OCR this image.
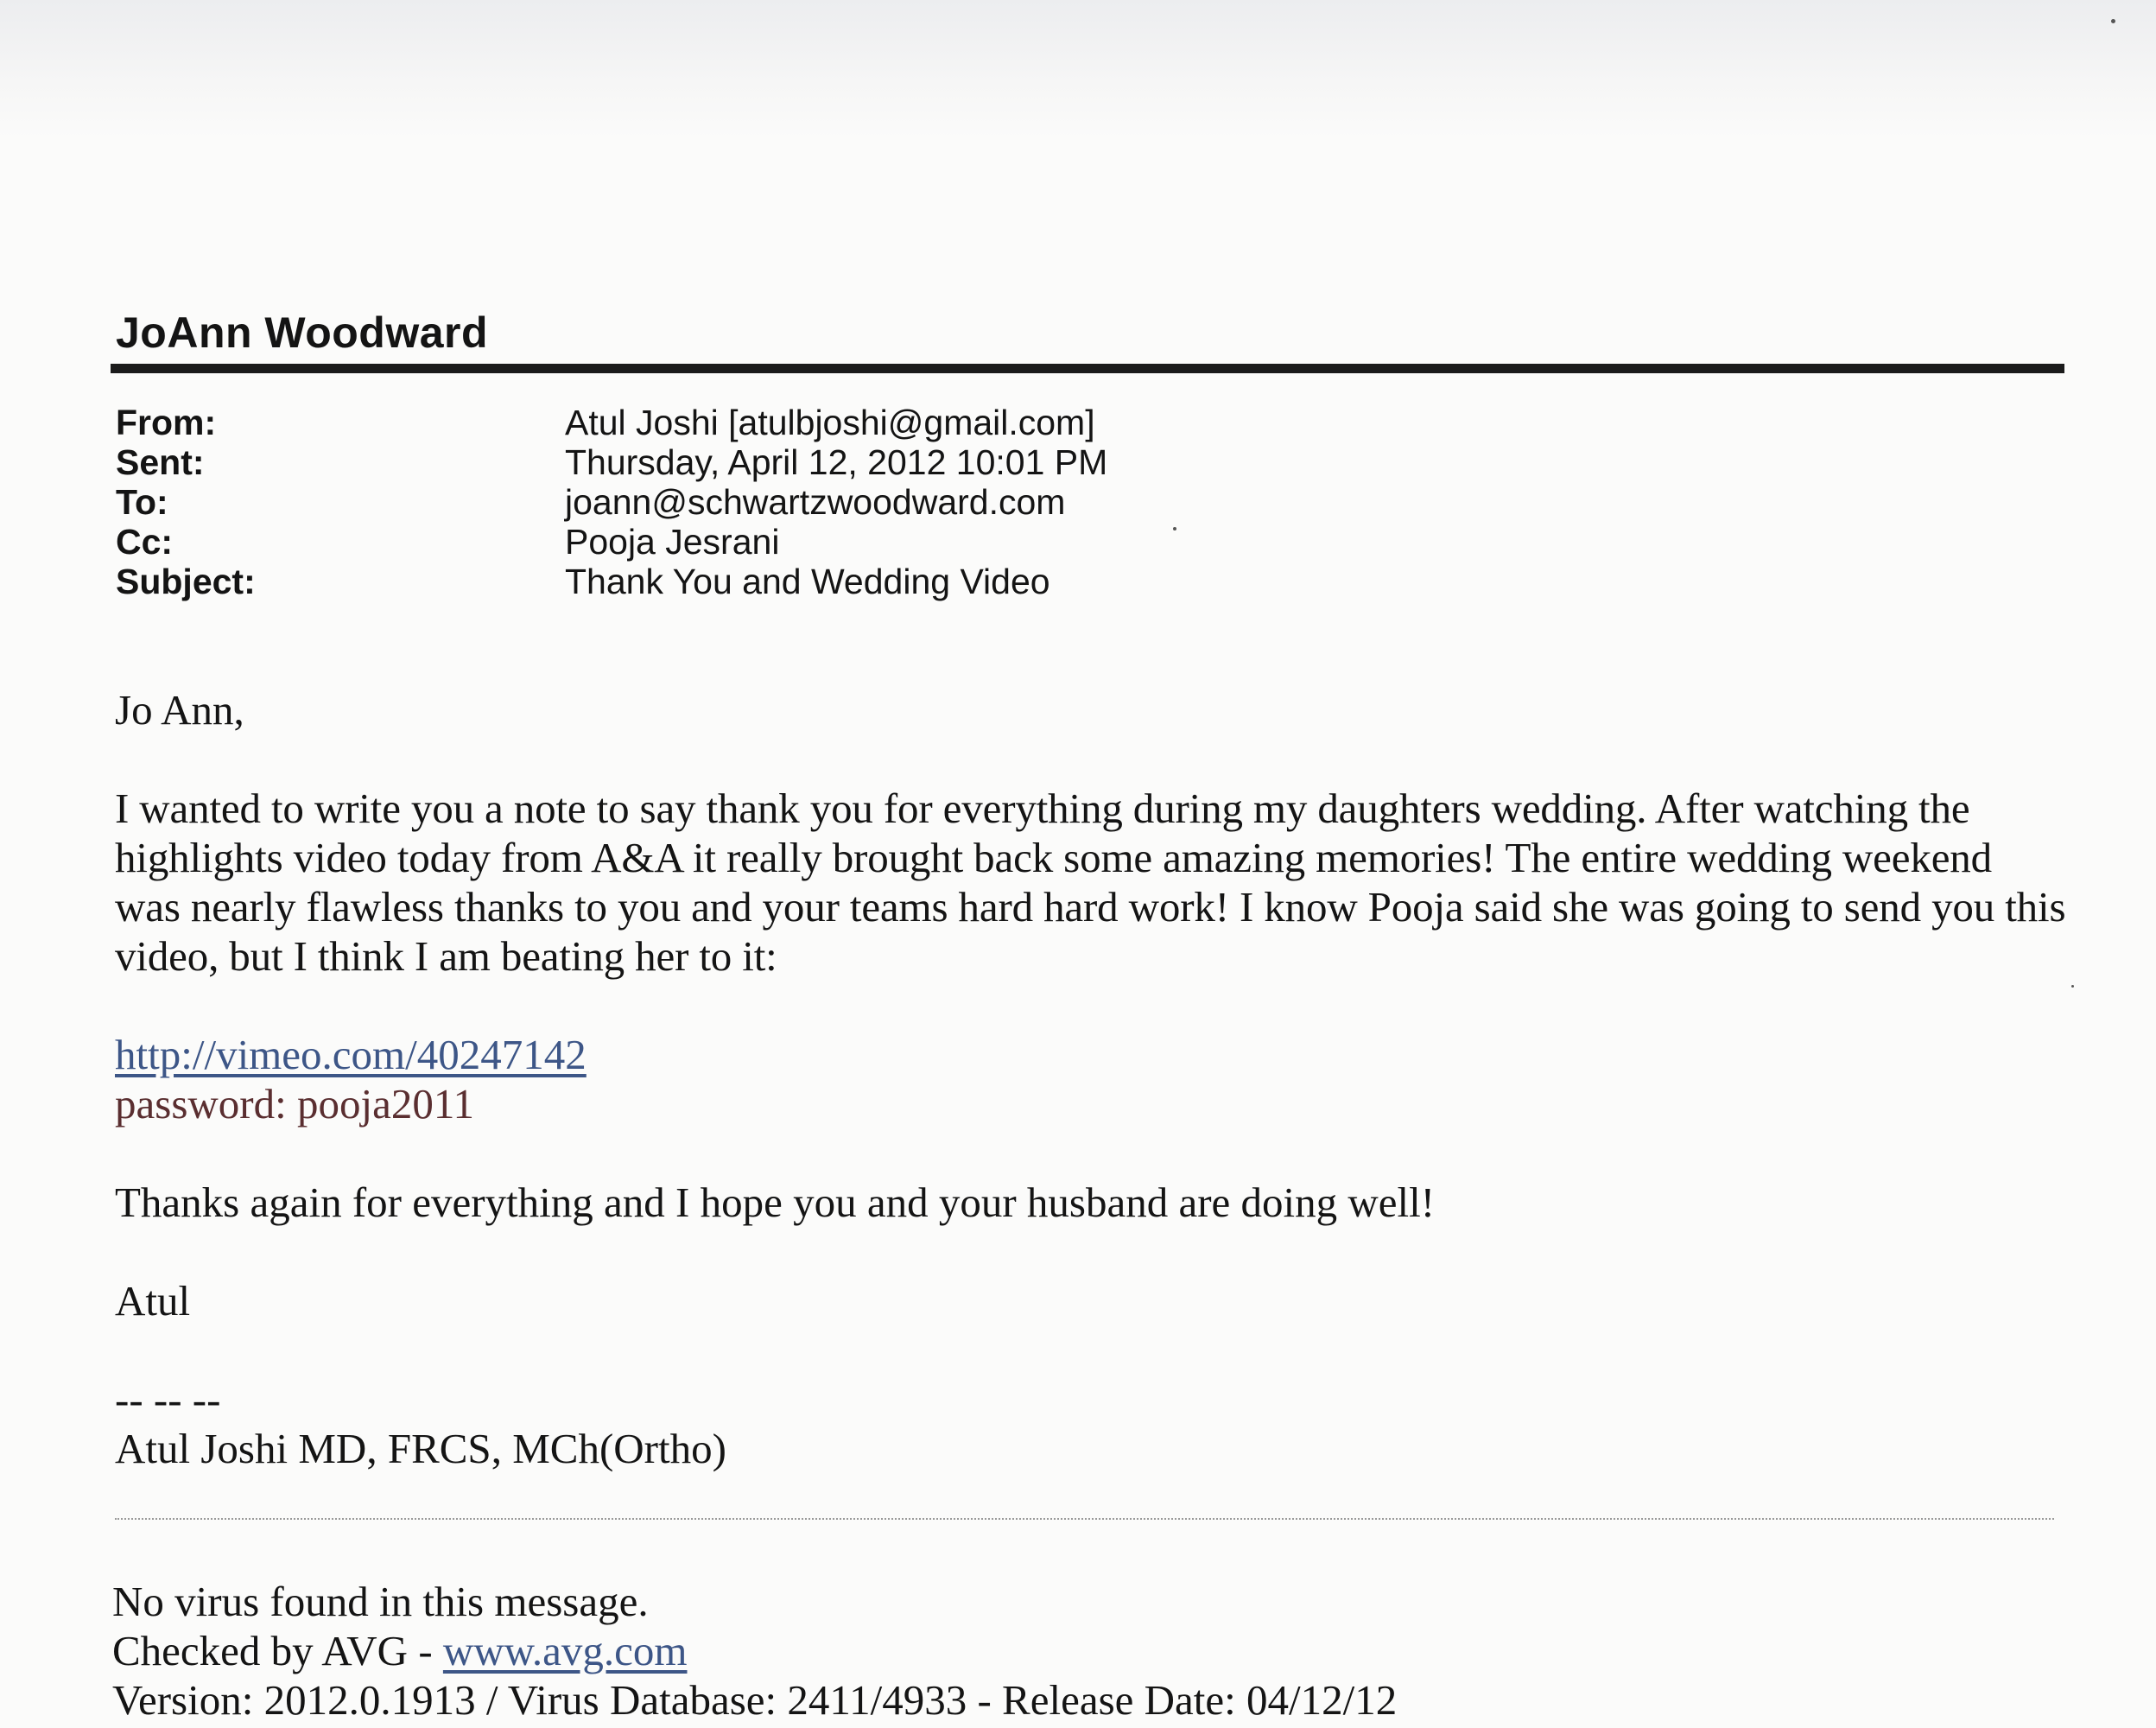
JoAnn Woodward
From:	Atul Joshi [atulbjoshi@gmail.com]
Sent:	Thursday, April 12, 2012 10:01 PM
To:	joann@schwartzwoodward.com
Cc:	Pooja Jesrani
Subject:	Thank You and Wedding Video

Jo Ann,

I wanted to write you a note to say thank you for everything during my daughters wedding. After watching the highlights video today from A&A it really brought back some amazing memories! The entire wedding weekend was nearly flawless thanks to you and your teams hard hard work! I know Pooja said she was going to send you this video, but I think I am beating her to it:

http://vimeo.com/40247142

password: pooja2011

Thanks again for everything and I hope you and your husband are doing well!

Atul

-- -- --

Atul Joshi MD, FRCS, MCh(Ortho)

No virus found in this message.
Checked by AVG - www.avg.com
Version: 2012.0.1913 / Virus Database: 2411/4933 - Release Date: 04/12/12
